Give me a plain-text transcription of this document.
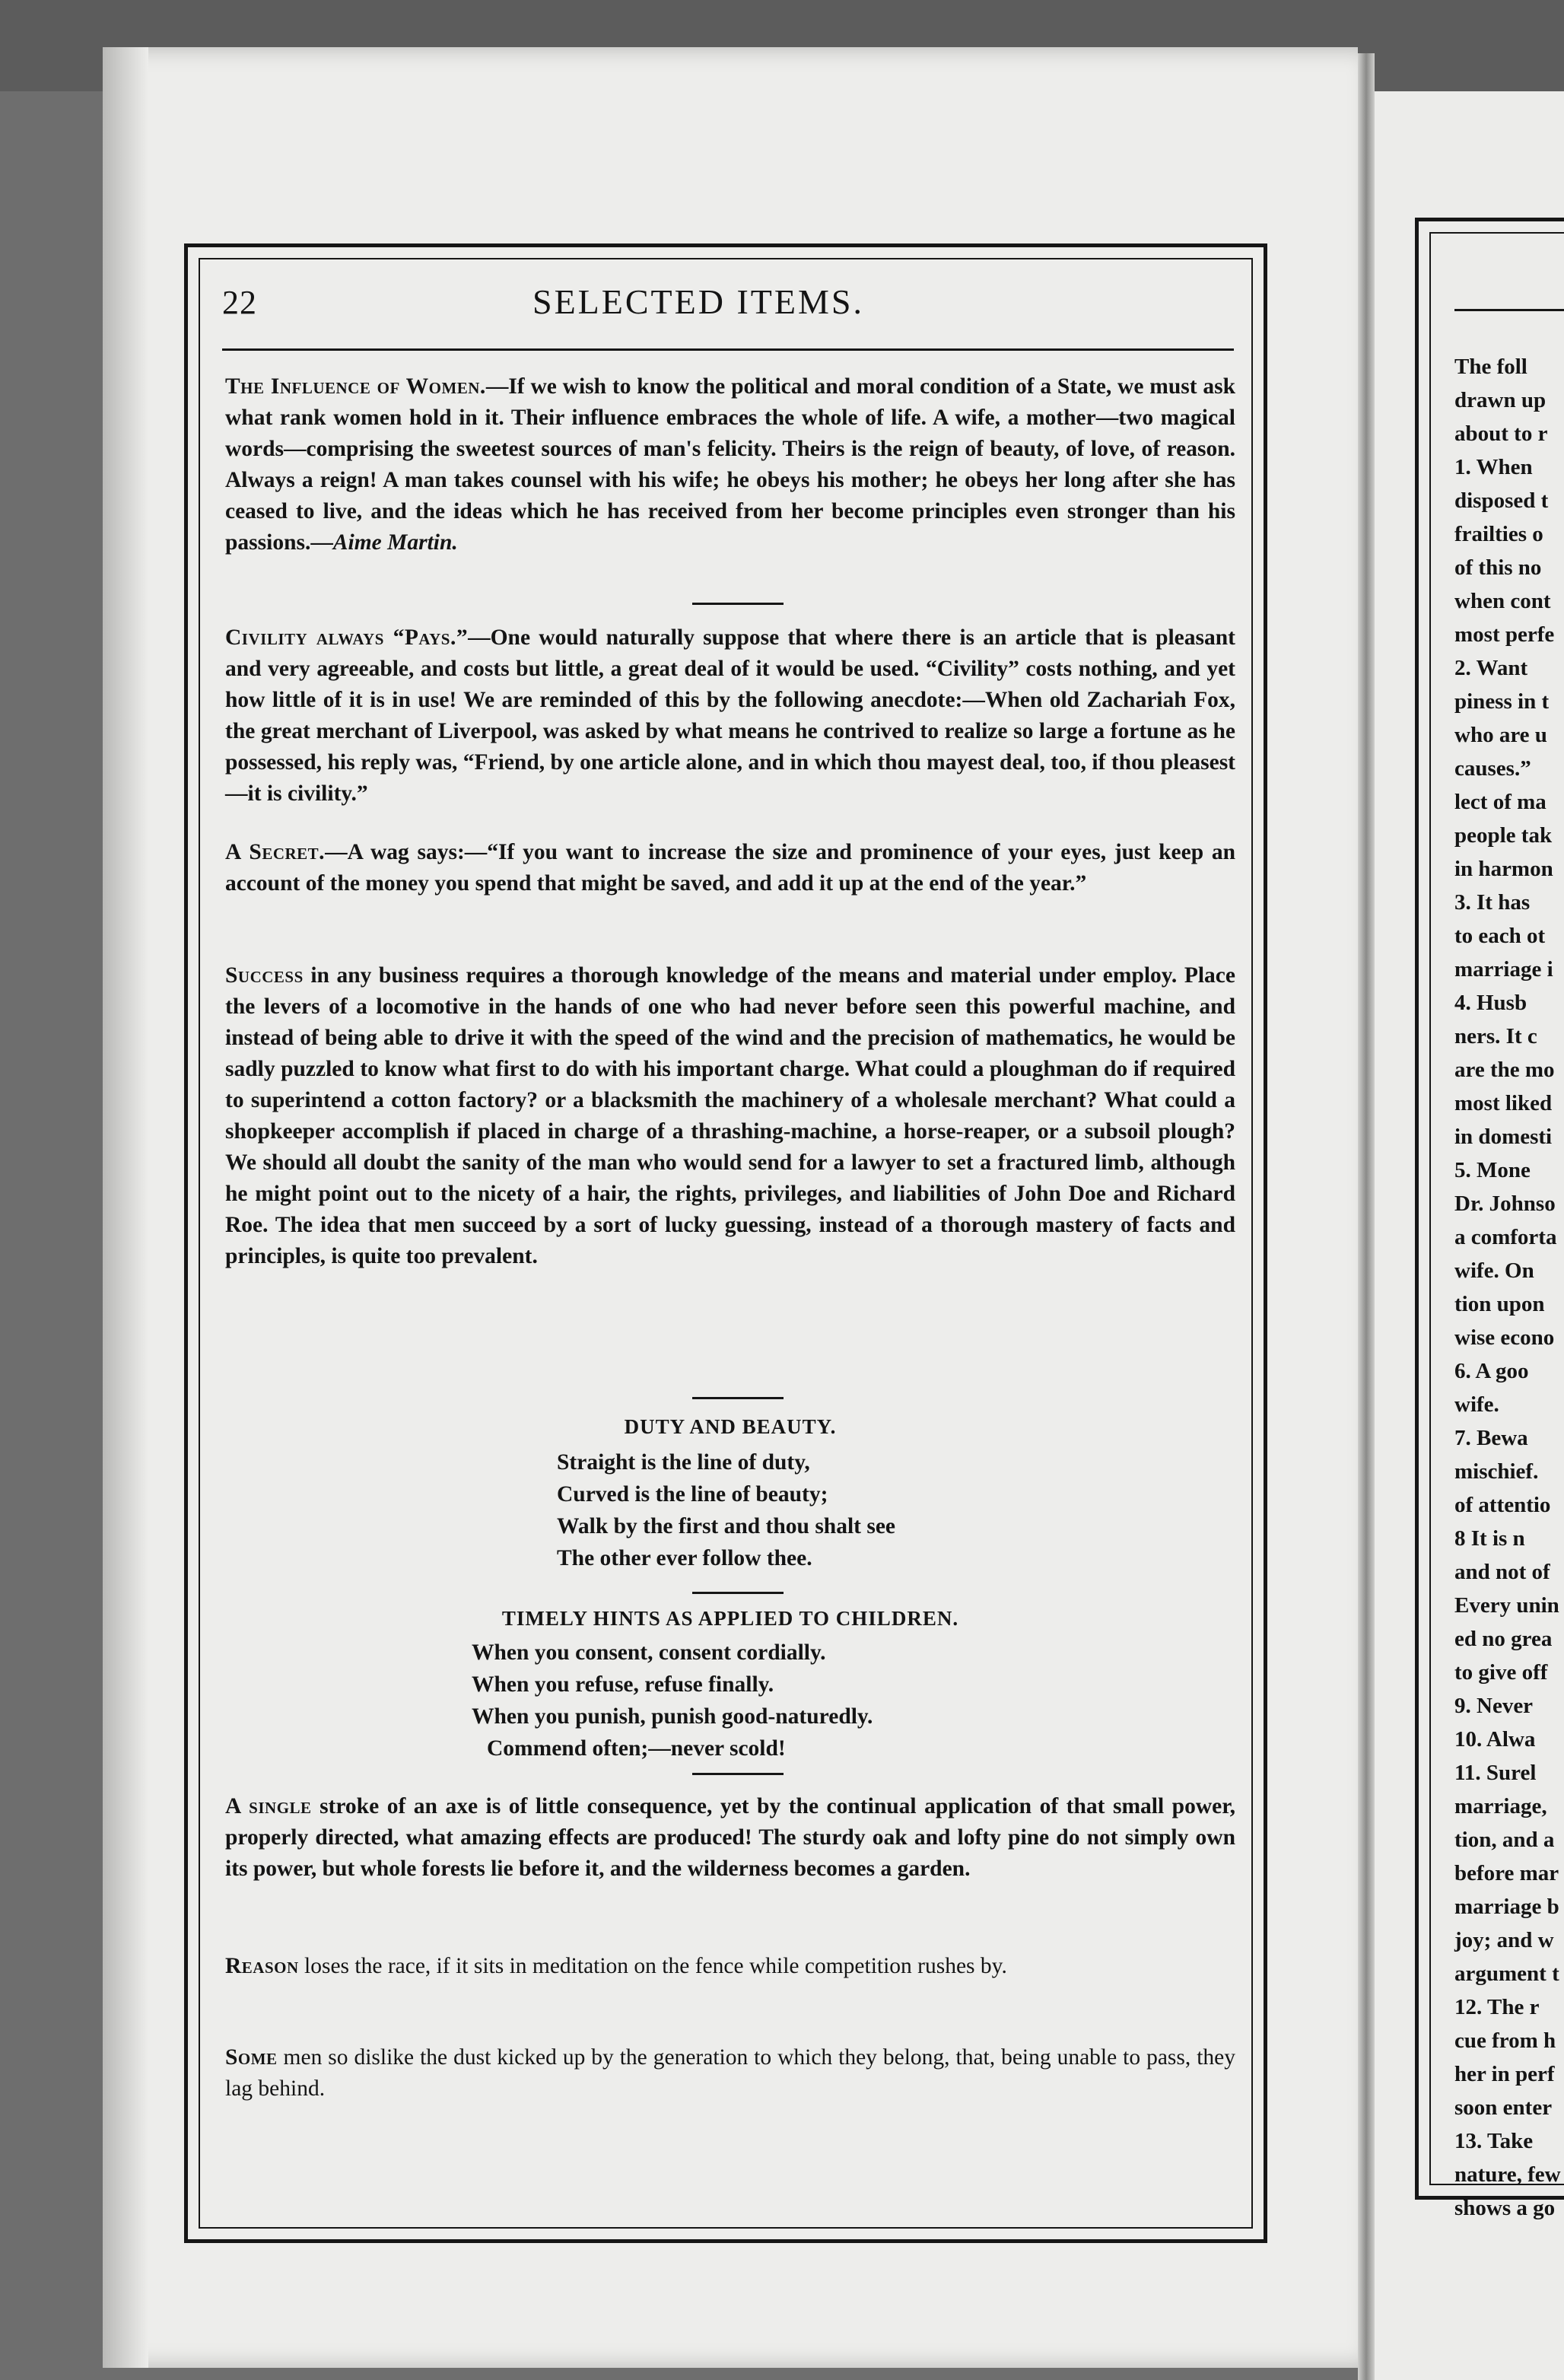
22	SELECTED ITEMS.
The Influence of Women.—If we wish to know the political and moral condition of a State, we must ask what rank women hold in it. Their influence embraces the whole of life. A wife, a mother—two magical words—comprising the sweetest sources of man's felicity. Theirs is the reign of beauty, of love, of reason. Always a reign! A man takes counsel with his wife; he obeys his mother; he obeys her long after she has ceased to live, and the ideas which he has received from her become principles even stronger than his passions.—Aime Martin.
Civility always “Pays.”—One would naturally suppose that where there is an article that is pleasant and very agreeable, and costs but little, a great deal of it would be used. “Civility” costs nothing, and yet how little of it is in use! We are reminded of this by the following anecdote:—When old Zachariah Fox, the great merchant of Liverpool, was asked by what means he contrived to realize so large a fortune as he possessed, his reply was, “Friend, by one article alone, and in which thou mayest deal, too, if thou pleasest—it is civility.”
A Secret.—A wag says:—“If you want to increase the size and prominence of your eyes, just keep an account of the money you spend that might be saved, and add it up at the end of the year.”
Success in any business requires a thorough knowledge of the means and material under employ. Place the levers of a locomotive in the hands of one who had never before seen this powerful machine, and instead of being able to drive it with the speed of the wind and the precision of mathematics, he would be sadly puzzled to know what first to do with his important charge. What could a ploughman do if required to superintend a cotton factory? or a blacksmith the machinery of a wholesale merchant? What could a shopkeeper accomplish if placed in charge of a thrashing-machine, a horse-reaper, or a subsoil plough? We should all doubt the sanity of the man who would send for a lawyer to set a fractured limb, although he might point out to the nicety of a hair, the rights, privileges, and liabilities of John Doe and Richard Roe. The idea that men succeed by a sort of lucky guessing, instead of a thorough mastery of facts and principles, is quite too prevalent.
DUTY AND BEAUTY.
Straight is the line of duty,
Curved is the line of beauty;
Walk by the first and thou shalt see
The other ever follow thee.
TIMELY HINTS AS APPLIED TO CHILDREN.
When you consent, consent cordially.
When you refuse, refuse finally.
When you punish, punish good-naturedly.
Commend often;—never scold!
A single stroke of an axe is of little consequence, yet by the continual application of that small power, properly directed, what amazing effects are produced! The sturdy oak and lofty pine do not simply own its power, but whole forests lie before it, and the wilderness becomes a garden.
Reason loses the race, if it sits in meditation on the fence while competition rushes by.
Some men so dislike the dust kicked up by the generation to which they belong, that, being unable to pass, they lag behind.
The foll
drawn up
about to r
1. When
disposed t
frailties o
of this no
when cont
most perfe
2. Want
piness in t
who are u
causes.”
lect of ma
people tak
in harmon
3. It has
to each ot
marriage i
4. Husb
ners. It c
are the mo
most liked
in domesti
5. Mone
Dr. Johnso
a comforta
wife. On
tion upon
wise econo
6. A goo
wife.
7. Bewa
mischief.
of attentio
8 It is n
and not of
Every unin
ed no grea
to give off
9. Never
10. Alwa
11. Surel
marriage,
tion, and a
before mar
marriage b
joy; and w
argument t
12. The r
cue from h
her in perf
soon enter
13. Take
nature, few
shows a go
